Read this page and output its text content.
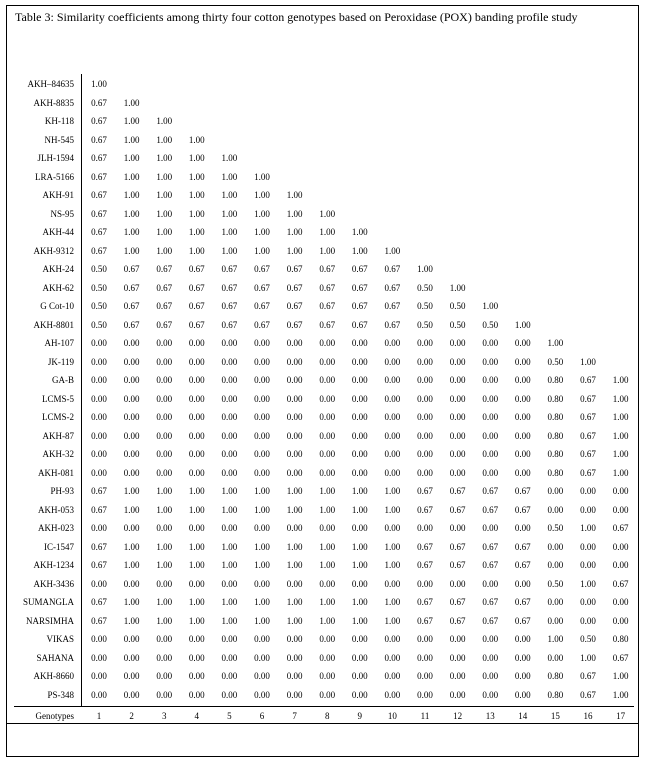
Table 3: Similarity coefficients among thirty four cotton genotypes based on Peroxidase (POX) banding profile study
AKH–84635	1.00
AKH-8835	0.67	1.00
KH-118	0.67	1.00	1.00
NH-545	0.67	1.00	1.00	1.00
JLH-1594	0.67	1.00	1.00	1.00	1.00
LRA-5166	0.67	1.00	1.00	1.00	1.00	1.00
AKH-91	0.67	1.00	1.00	1.00	1.00	1.00	1.00
NS-95	0.67	1.00	1.00	1.00	1.00	1.00	1.00	1.00
AKH-44	0.67	1.00	1.00	1.00	1.00	1.00	1.00	1.00	1.00
AKH-9312	0.67	1.00	1.00	1.00	1.00	1.00	1.00	1.00	1.00	1.00
AKH-24	0.50	0.67	0.67	0.67	0.67	0.67	0.67	0.67	0.67	0.67	1.00
AKH-62	0.50	0.67	0.67	0.67	0.67	0.67	0.67	0.67	0.67	0.67	0.50	1.00
G Cot-10	0.50	0.67	0.67	0.67	0.67	0.67	0.67	0.67	0.67	0.67	0.50	0.50	1.00
AKH-8801	0.50	0.67	0.67	0.67	0.67	0.67	0.67	0.67	0.67	0.67	0.50	0.50	0.50	1.00
AH-107	0.00	0.00	0.00	0.00	0.00	0.00	0.00	0.00	0.00	0.00	0.00	0.00	0.00	0.00	1.00
JK-119	0.00	0.00	0.00	0.00	0.00	0.00	0.00	0.00	0.00	0.00	0.00	0.00	0.00	0.00	0.50	1.00
GA-B	0.00	0.00	0.00	0.00	0.00	0.00	0.00	0.00	0.00	0.00	0.00	0.00	0.00	0.00	0.80	0.67	1.00
LCMS-5	0.00	0.00	0.00	0.00	0.00	0.00	0.00	0.00	0.00	0.00	0.00	0.00	0.00	0.00	0.80	0.67	1.00
LCMS-2	0.00	0.00	0.00	0.00	0.00	0.00	0.00	0.00	0.00	0.00	0.00	0.00	0.00	0.00	0.80	0.67	1.00
AKH-87	0.00	0.00	0.00	0.00	0.00	0.00	0.00	0.00	0.00	0.00	0.00	0.00	0.00	0.00	0.80	0.67	1.00
AKH-32	0.00	0.00	0.00	0.00	0.00	0.00	0.00	0.00	0.00	0.00	0.00	0.00	0.00	0.00	0.80	0.67	1.00
AKH-081	0.00	0.00	0.00	0.00	0.00	0.00	0.00	0.00	0.00	0.00	0.00	0.00	0.00	0.00	0.80	0.67	1.00
PH-93	0.67	1.00	1.00	1.00	1.00	1.00	1.00	1.00	1.00	1.00	0.67	0.67	0.67	0.67	0.00	0.00	0.00
AKH-053	0.67	1.00	1.00	1.00	1.00	1.00	1.00	1.00	1.00	1.00	0.67	0.67	0.67	0.67	0.00	0.00	0.00
AKH-023	0.00	0.00	0.00	0.00	0.00	0.00	0.00	0.00	0.00	0.00	0.00	0.00	0.00	0.00	0.50	1.00	0.67
IC-1547	0.67	1.00	1.00	1.00	1.00	1.00	1.00	1.00	1.00	1.00	0.67	0.67	0.67	0.67	0.00	0.00	0.00
AKH-1234	0.67	1.00	1.00	1.00	1.00	1.00	1.00	1.00	1.00	1.00	0.67	0.67	0.67	0.67	0.00	0.00	0.00
AKH-3436	0.00	0.00	0.00	0.00	0.00	0.00	0.00	0.00	0.00	0.00	0.00	0.00	0.00	0.00	0.50	1.00	0.67
SUMANGLA	0.67	1.00	1.00	1.00	1.00	1.00	1.00	1.00	1.00	1.00	0.67	0.67	0.67	0.67	0.00	0.00	0.00
NARSIMHA	0.67	1.00	1.00	1.00	1.00	1.00	1.00	1.00	1.00	1.00	0.67	0.67	0.67	0.67	0.00	0.00	0.00
VIKAS	0.00	0.00	0.00	0.00	0.00	0.00	0.00	0.00	0.00	0.00	0.00	0.00	0.00	0.00	1.00	0.50	0.80
SAHANA	0.00	0.00	0.00	0.00	0.00	0.00	0.00	0.00	0.00	0.00	0.00	0.00	0.00	0.00	0.00	1.00	0.67
AKH-8660	0.00	0.00	0.00	0.00	0.00	0.00	0.00	0.00	0.00	0.00	0.00	0.00	0.00	0.00	0.80	0.67	1.00
PS-348	0.00	0.00	0.00	0.00	0.00	0.00	0.00	0.00	0.00	0.00	0.00	0.00	0.00	0.00	0.80	0.67	1.00
Genotypes	1	2	3	4	5	6	7	8	9	10	11	12	13	14	15	16	17
